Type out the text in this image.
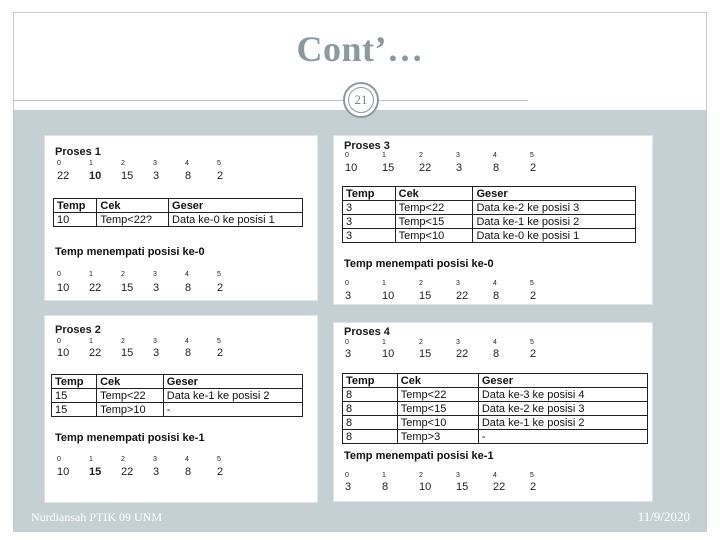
Cont’…
21
Proses 1
0	1	2	3	4	5
22	10	15	3	8	2
Temp	Cek	Geser
10	Temp<22?	Data ke-0 ke posisi 1
Temp menempati posisi ke-0
0	1	2	3	4	5
10	22	15	3	8	2
Proses 2
0	1	2	3	4	5
10	22	15	3	8	2
Temp	Cek	Geser
15	Temp<22	Data ke-1 ke posisi 2
15	Temp>10	-
Temp menempati posisi ke-1
0	1	2	3	4	5
10	15	22	3	8	2
Proses 3
0	1	2	3	4	5
10	15	22	3	8	2
Temp	Cek	Geser
3	Temp<22	Data ke-2 ke posisi 3
3	Temp<15	Data ke-1 ke posisi 2
3	Temp<10	Data ke-0 ke posisi 1
Temp menempati posisi ke-0
0	1	2	3	4	5
3	10	15	22	8	2
Proses 4
0	1	2	3	4	5
3	10	15	22	8	2
Temp	Cek	Geser
8	Temp<22	Data ke-3 ke posisi 4
8	Temp<15	Data ke-2 ke posisi 3
8	Temp<10	Data ke-1 ke posisi 2
8	Temp>3	-
Temp menempati posisi ke-1
0	1	2	3	4	5
3	8	10	15	22	2
Nurdiansah PTIK 09 UNM	11/9/2020
